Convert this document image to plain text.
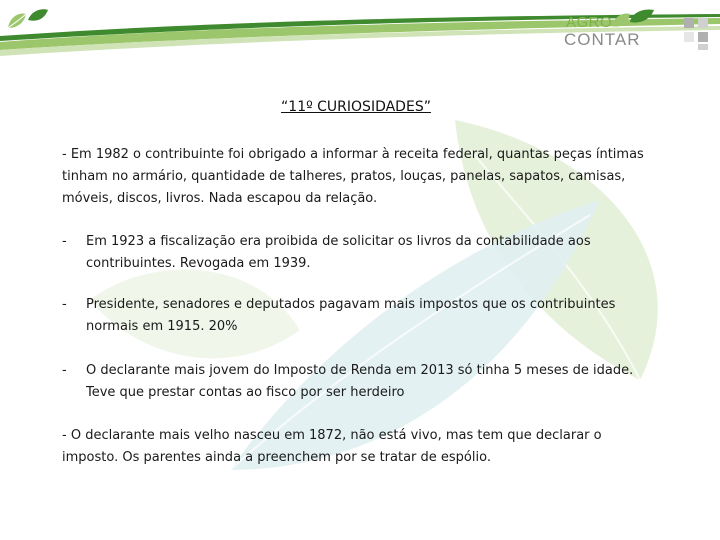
AGRO
CONTAR
“11º CURIOSIDADES”

- Em 1982 o contribuinte foi obrigado a informar à receita federal, quantas peças íntimas tinham no armário, quantidade de talheres, pratos, louças, panelas, sapatos, camisas, móveis, discos, livros. Nada escapou da relação.

-	Em 1923 a fiscalização era proibida de solicitar os livros da contabilidade aos contribuintes. Revogada em 1939.
-	Presidente, senadores e deputados pagavam mais impostos que os contribuintes normais em 1915. 20%
-	O declarante mais jovem do Imposto de Renda em 2013 só tinha 5 meses de idade. Teve que prestar contas ao fisco por ser herdeiro

- O declarante mais velho nasceu em 1872, não está vivo, mas tem que declarar o imposto. Os parentes ainda a preenchem por se tratar de espólio.
